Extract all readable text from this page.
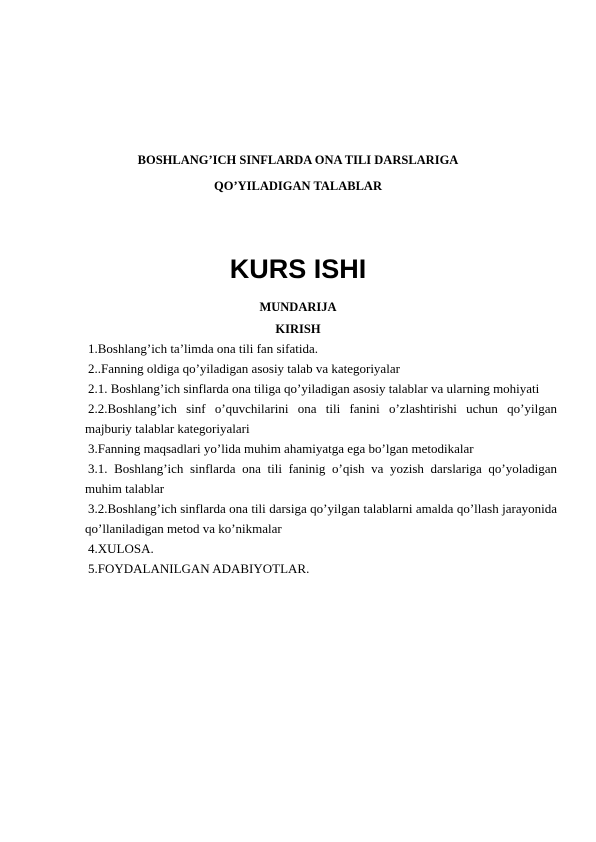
BOSHLANG’ICH SINFLARDA ONA TILI DARSLARIGA
QO’YILADIGAN TALABLAR
KURS ISHI
MUNDARIJA
KIRISH
1.Boshlang’ich ta’limda ona tili fan sifatida.
2..Fanning oldiga qo’yiladigan asosiy talab va kategoriyalar
2.1. Boshlang’ich sinflarda ona tiliga qo’yiladigan asosiy talablar va ularning mohiyati
2.2.Boshlang’ich sinf o’quvchilarini ona tili fanini o’zlashtirishi uchun qo’yilgan majburiy talablar kategoriyalari
3.Fanning maqsadlari yo’lida muhim ahamiyatga ega bo’lgan metodikalar
3.1. Boshlang’ich sinflarda ona tili faninig o’qish va yozish darslariga qo’yoladigan muhim talablar
3.2.Boshlang’ich sinflarda ona tili darsiga qo’yilgan talablarni amalda qo’llash jarayonida qo’llaniladigan metod va ko’nikmalar
4.XULOSA.
5.FOYDALANILGAN ADABIYOTLAR.
